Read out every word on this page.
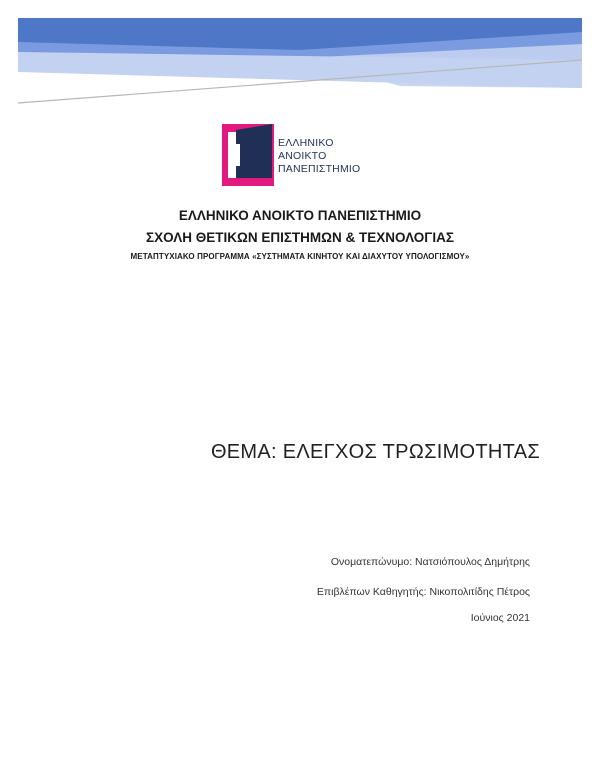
ΕΛΛΗΝΙΚΟ
ΑΝΟΙΚΤΟ
ΠΑΝΕΠΙΣΤΗΜΙΟ
ΕΛΛΗΝΙΚΟ ΑΝΟΙΚΤΟ ΠΑΝΕΠΙΣΤΗΜΙΟ
ΣΧΟΛΗ ΘΕΤΙΚΩΝ ΕΠΙΣΤΗΜΩΝ & ΤΕΧΝΟΛΟΓΙΑΣ
ΜΕΤΑΠΤΥΧΙΑΚΟ ΠΡΟΓΡΑΜΜΑ «ΣΥΣΤΗΜΑΤΑ ΚΙΝΗΤΟΥ ΚΑΙ ΔΙΑΧΥΤΟΥ ΥΠΟΛΟΓΙΣΜΟΥ»
ΘΕΜΑ: ΕΛΕΓΧΟΣ ΤΡΩΣΙΜΟΤΗΤΑΣ
Ονοματεπώνυμο: Νατσιόπουλος Δημήτρης
Επιβλέπων Καθηγητής: Νικοπολιτίδης Πέτρος
Ιούνιος 2021
